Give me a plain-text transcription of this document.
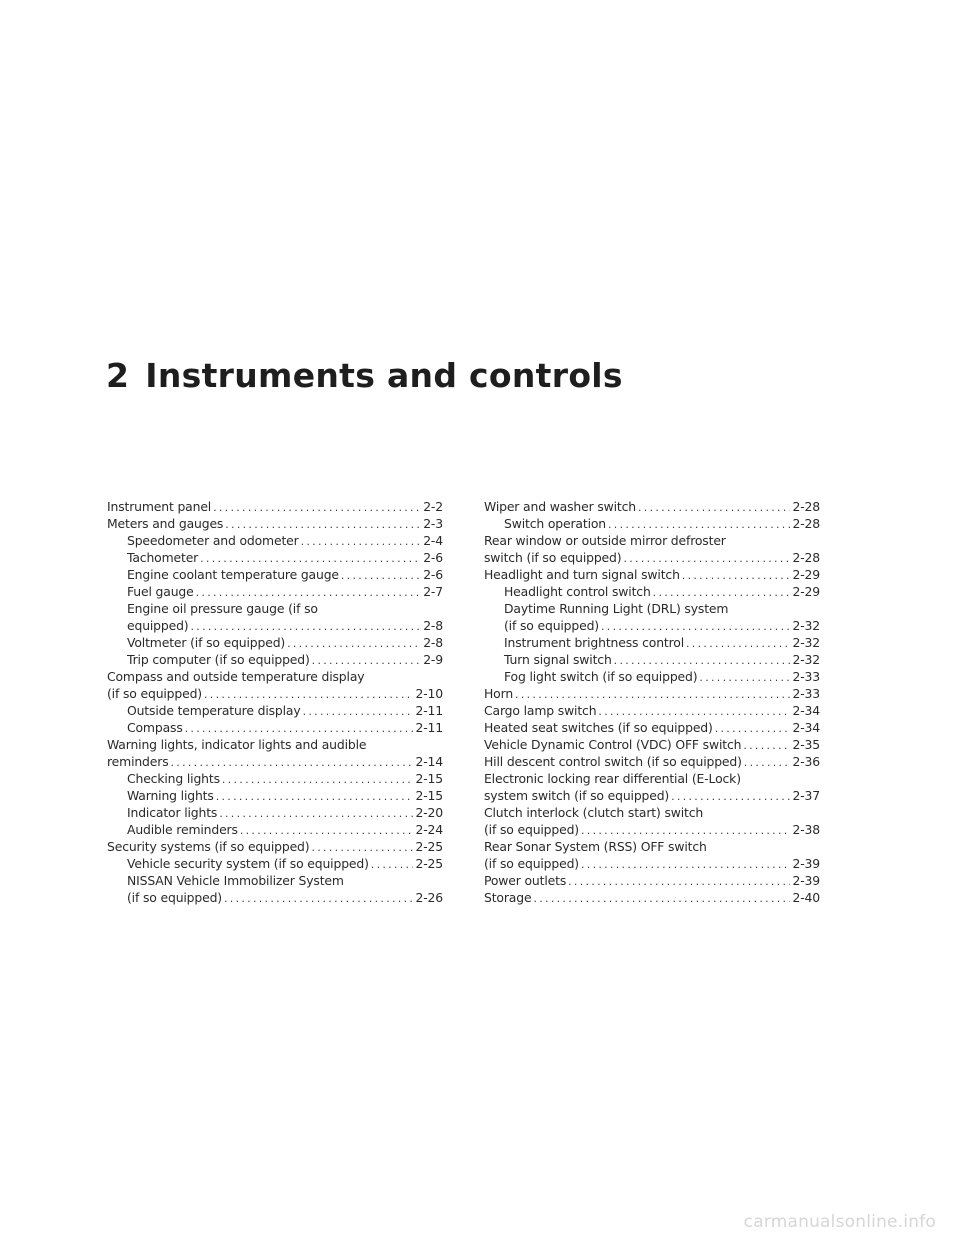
2 Instruments and controls
Instrument panel . . .	2-2
Meters and gauges . . .	2-3
Speedometer and odometer . . .	2-4
Tachometer . . .	2-6
Engine coolant temperature gauge . . .	2-6
Fuel gauge . . .	2-7
Engine oil pressure gauge (if so
equipped) . . .	2-8
Voltmeter (if so equipped) . . .	2-8
Trip computer (if so equipped) . . .	2-9
Compass and outside temperature display
(if so equipped) . . .	2-10
Outside temperature display . . .	2-11
Compass . . .	2-11
Warning lights, indicator lights and audible
reminders . . .	2-14
Checking lights . . .	2-15
Warning lights . . .	2-15
Indicator lights . . .	2-20
Audible reminders . . .	2-24
Security systems (if so equipped) . . .	2-25
Vehicle security system (if so equipped) . . .	2-25
NISSAN Vehicle Immobilizer System
(if so equipped) . . .	2-26
Wiper and washer switch . . .	2-28
Switch operation . . .	2-28
Rear window or outside mirror defroster
switch (if so equipped) . . .	2-28
Headlight and turn signal switch . . .	2-29
Headlight control switch . . .	2-29
Daytime Running Light (DRL) system
(if so equipped) . . .	2-32
Instrument brightness control . . .	2-32
Turn signal switch . . .	2-32
Fog light switch (if so equipped) . . .	2-33
Horn . . .	2-33
Cargo lamp switch . . .	2-34
Heated seat switches (if so equipped) . . .	2-34
Vehicle Dynamic Control (VDC) OFF switch . . .	2-35
Hill descent control switch (if so equipped) . . .	2-36
Electronic locking rear differential (E-Lock)
system switch (if so equipped) . . .	2-37
Clutch interlock (clutch start) switch
(if so equipped) . . .	2-38
Rear Sonar System (RSS) OFF switch
(if so equipped) . . .	2-39
Power outlets . . .	2-39
Storage . . .	2-40
carmanualsonline.info
